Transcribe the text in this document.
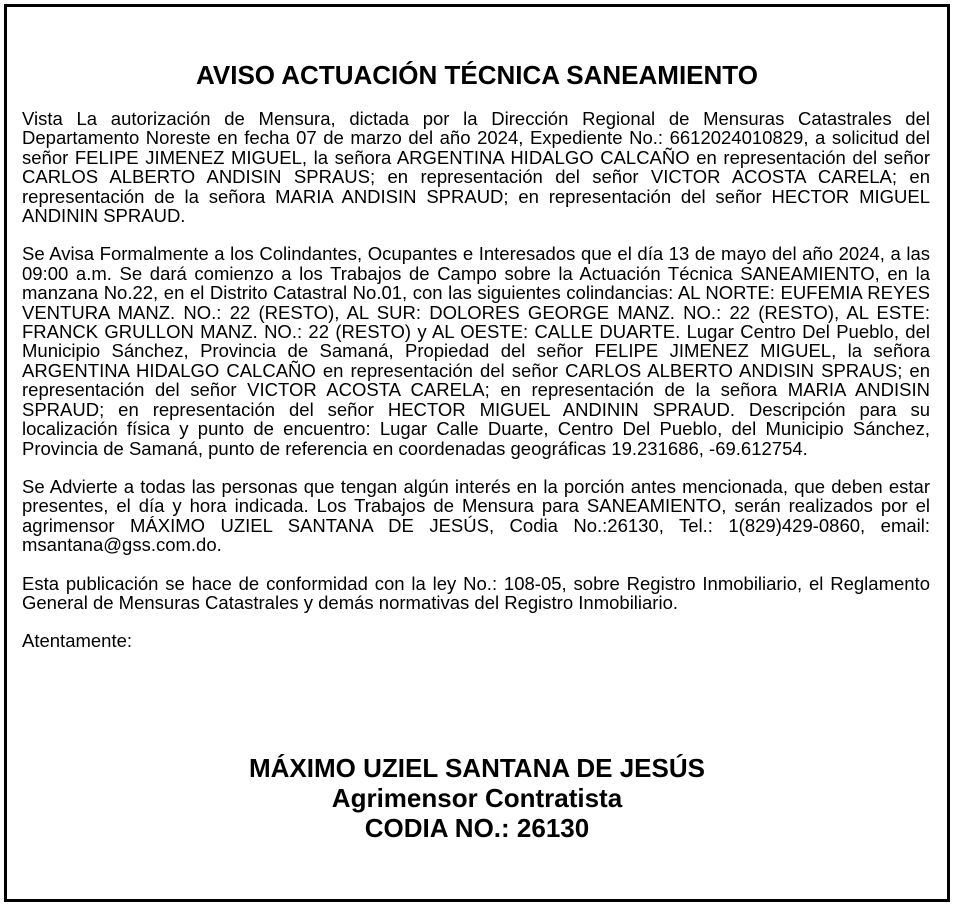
AVISO ACTUACIÓN TÉCNICA SANEAMIENTO

Vista La autorización de Mensura, dictada por la Dirección Regional de Mensuras Catastrales del Departamento Noreste en fecha 07 de marzo del año 2024, Expediente No.: 6612024010829, a solicitud del señor FELIPE JIMENEZ MIGUEL, la señora ARGENTINA HIDALGO CALCAÑO en representación del señor CARLOS ALBERTO ANDISIN SPRAUS; en representación del señor VICTOR ACOSTA CARELA; en representación de la señora MARIA ANDISIN SPRAUD; en representación del señor HECTOR MIGUEL ANDININ SPRAUD.

Se Avisa Formalmente a los Colindantes, Ocupantes e Interesados que el día 13 de mayo del año 2024, a las 09:00 a.m. Se dará comienzo a los Trabajos de Campo sobre la Actuación Técnica SANEAMIENTO, en la manzana No.22, en el Distrito Catastral No.01, con las siguientes colindancias: AL NORTE: EUFEMIA REYES VENTURA MANZ. NO.: 22 (RESTO), AL SUR: DOLORES GEORGE MANZ. NO.: 22 (RESTO), AL ESTE: FRANCK GRULLON MANZ. NO.: 22 (RESTO) y AL OESTE: CALLE DUARTE. Lugar Centro Del Pueblo, del Municipio Sánchez, Provincia de Samaná, Propiedad del señor FELIPE JIMENEZ MIGUEL, la señora ARGENTINA HIDALGO CALCAÑO en representación del señor CARLOS ALBERTO ANDISIN SPRAUS; en representación del señor VICTOR ACOSTA CARELA; en representación de la señora MARIA ANDISIN SPRAUD; en representación del señor HECTOR MIGUEL ANDININ SPRAUD. Descripción para su localización física y punto de encuentro: Lugar Calle Duarte, Centro Del Pueblo, del Municipio Sánchez, Provincia de Samaná, punto de referencia en coordenadas geográficas 19.231686, -69.612754.

Se Advierte a todas las personas que tengan algún interés en la porción antes mencionada, que deben estar presentes, el día y hora indicada. Los Trabajos de Mensura para SANEAMIENTO, serán realizados por el agrimensor MÁXIMO UZIEL SANTANA DE JESÚS, Codia No.:26130, Tel.: 1(829)429-0860, email: msantana@gss.com.do.

Esta publicación se hace de conformidad con la ley No.: 108-05, sobre Registro Inmobiliario, el Reglamento General de Mensuras Catastrales y demás normativas del Registro Inmobiliario.

Atentamente:

MÁXIMO UZIEL SANTANA DE JESÚS
Agrimensor Contratista
CODIA NO.: 26130
